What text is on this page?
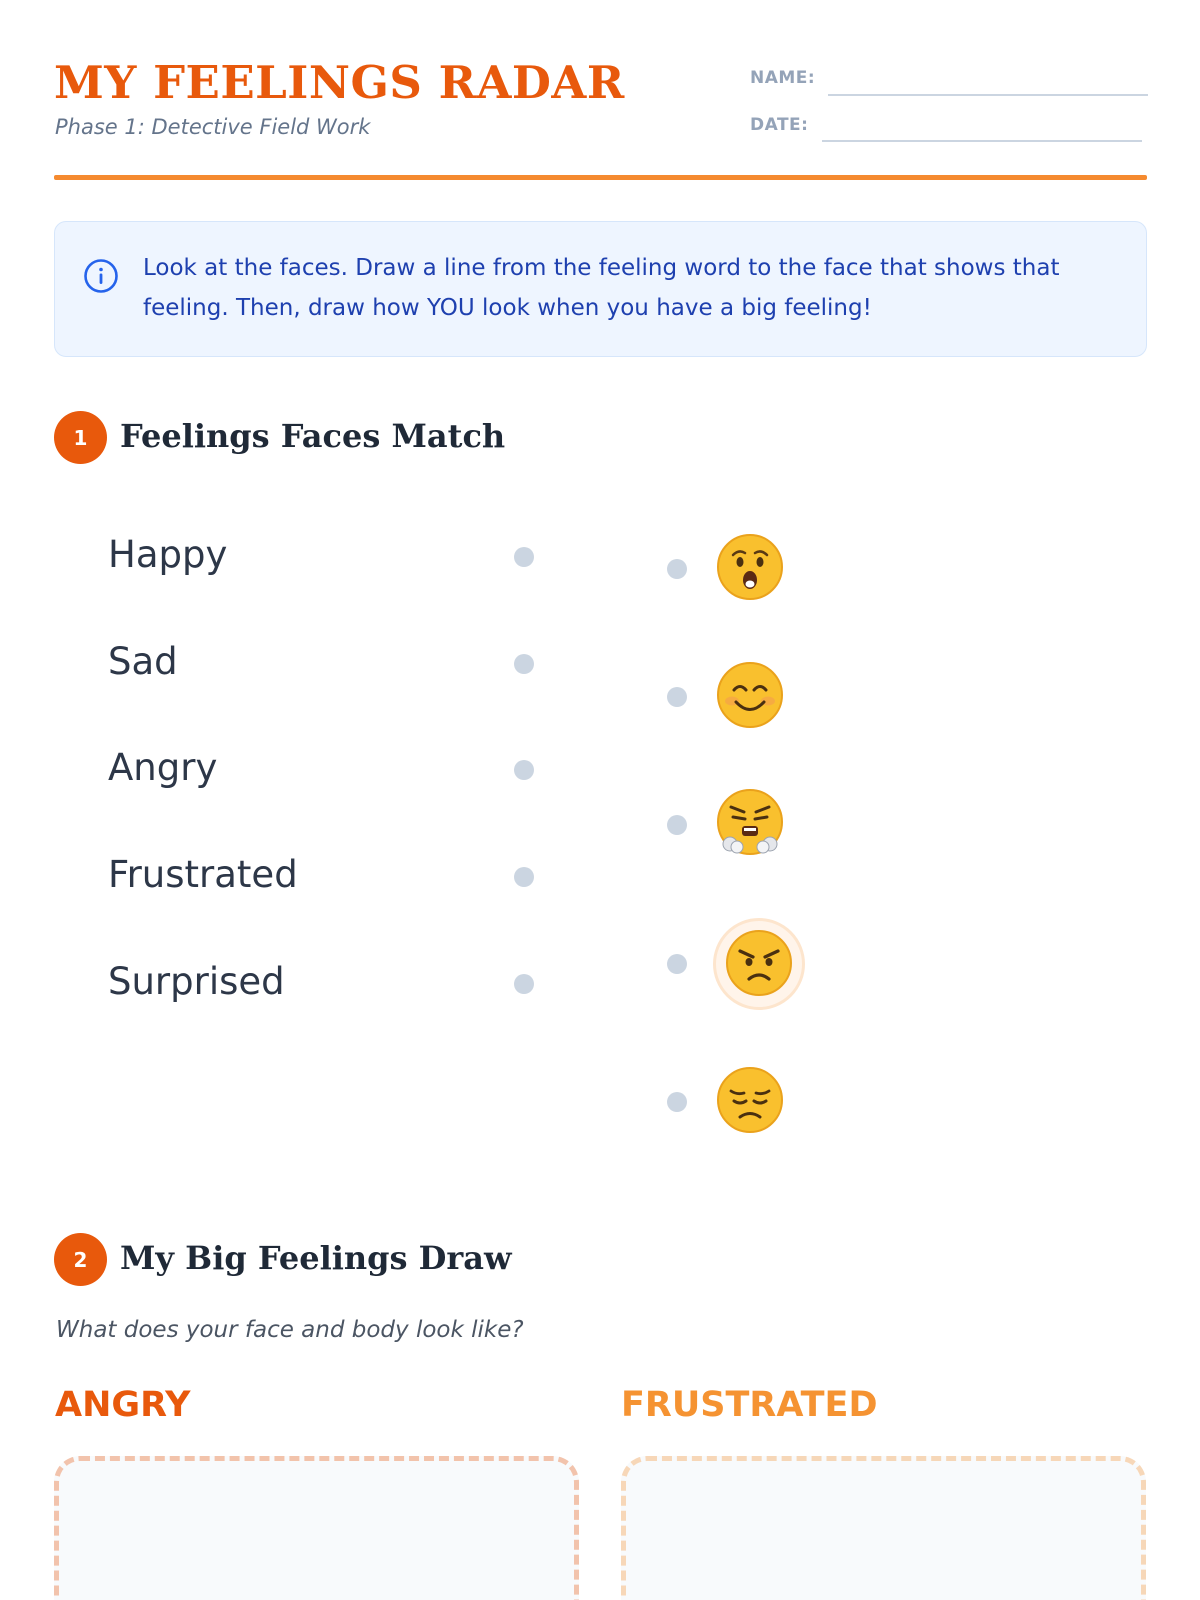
MY FEELINGS RADAR
Phase 1: Detective Field Work
NAME:
DATE:
Look at the faces. Draw a line from the feeling word to the face that shows that feeling. Then, draw how YOU look when you have a big feeling!
1	Feelings Faces Match
Happy
Sad
Angry
Frustrated
Surprised
2	My Big Feelings Draw
What does your face and body look like?
ANGRY	FRUSTRATED
